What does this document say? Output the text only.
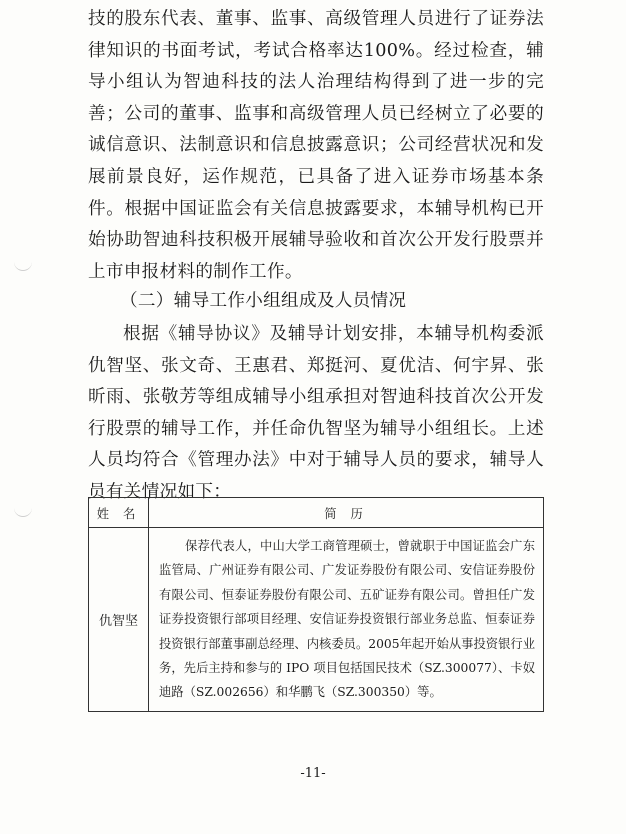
技的股东代表、董事、监事、高级管理人员进行了证券法律知识的书面考试，考试合格率达100%。经过检查，辅导小组认为智迪科技的法人治理结构得到了进一步的完善；公司的董事、监事和高级管理人员已经树立了必要的诚信意识、法制意识和信息披露意识；公司经营状况和发展前景良好，运作规范，已具备了进入证券市场基本条件。根据中国证监会有关信息披露要求，本辅导机构已开始协助智迪科技积极开展辅导验收和首次公开发行股票并上市申报材料的制作工作。

（二）辅导工作小组组成及人员情况

根据《辅导协议》及辅导计划安排，本辅导机构委派仇智坚、张文奇、王惠君、郑挺河、夏优洁、何宇昇、张昕雨、张敬芳等组成辅导小组承担对智迪科技首次公开发行股票的辅导工作，并任命仇智坚为辅导小组组长。上述人员均符合《管理办法》中对于辅导人员的要求，辅导人员有关情况如下：

姓 名	简 历
仇智坚	保荐代表人，中山大学工商管理硕士，曾就职于中国证监会广东监管局、广州证券有限公司、广发证券股份有限公司、安信证券股份有限公司、恒泰证券股份有限公司、五矿证券有限公司。曾担任广发证券投资银行部项目经理、安信证券投资银行部业务总监、恒泰证券投资银行部董事副总经理、内核委员。2005年起开始从事投资银行业务，先后主持和参与的 IPO 项目包括国民技术（SZ.300077）、卡奴迪路（SZ.002656）和华鹏飞（SZ.300350）等。
-11-
